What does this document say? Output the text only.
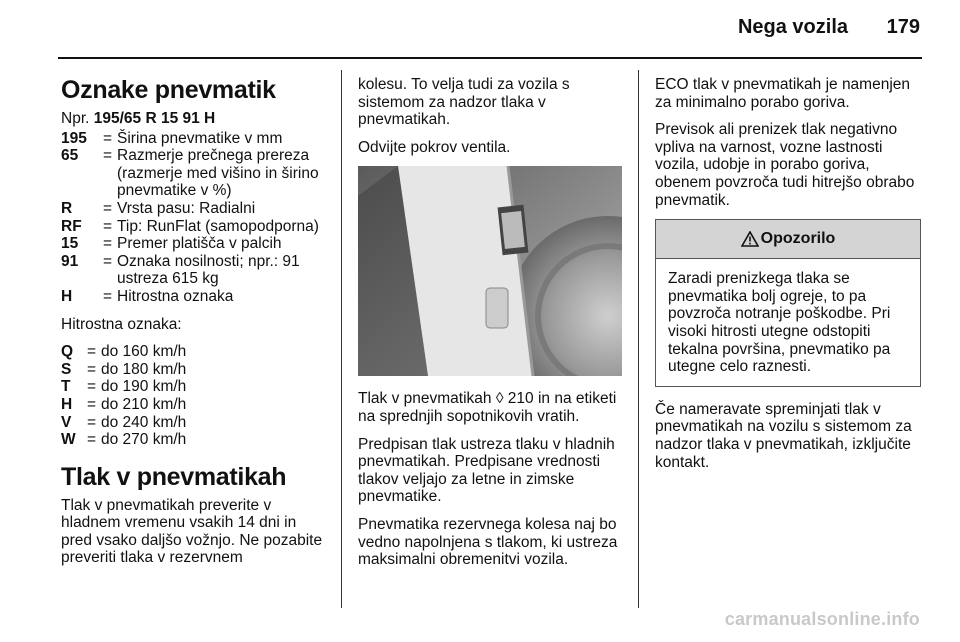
Nega vozila 179
Oznake pnevmatik
Npr. 195/65 R 15 91 H
195	= Širina pnevmatike v mm
65	= Razmerje prečnega prereza (razmerje med višino in širino pnevmatike v %)
R	= Vrsta pasu: Radialni
RF	= Tip: RunFlat (samopodporna)
15	= Premer platišča v palcih
91	= Oznaka nosilnosti; npr.: 91 ustreza 615 kg
H	= Hitrostna oznaka

Hitrostna oznaka:

Q = do 160 km/h
S	= do 180 km/h
T	= do 190 km/h
H = do 210 km/h
V	= do 240 km/h
W = do 270 km/h
Tlak v pnevmatikah

Tlak v pnevmatikah preverite v hladnem vremenu vsakih 14 dni in pred vsako daljšo vožnjo. Ne pozabite preveriti tlaka v rezervnem

kolesu. To velja tudi za vozila s sistemom za nadzor tlaka v pnevmatikah.

Odvijte pokrov ventila.

Tlak v pnevmatikah ◊ 210 in na etiketi na sprednjih sopotnikovih vratih.

Predpisan tlak ustreza tlaku v hladnih pnevmatikah. Predpisane vrednosti tlakov veljajo za letne in zimske pnevmatike.

Pnevmatika rezervnega kolesa naj bo vedno napolnjena s tlakom, ki ustreza maksimalni obremenitvi vozila.

ECO tlak v pnevmatikah je namenjen za minimalno porabo goriva.

Previsok ali prenizek tlak negativno vpliva na varnost, vozne lastnosti vozila, udobje in porabo goriva, obenem povzroča tudi hitrejšo obrabo pnevmatik.

Opozorilo
Zaradi prenizkega tlaka se pnevmatika bolj ogreje, to pa povzroča notranje poškodbe. Pri visoki hitrosti utegne odstopiti tekalna površina, pnevmatiko pa utegne celo raznesti.

Če nameravate spreminjati tlak v pnevmatikah na vozilu s sistemom za nadzor tlaka v pnevmatikah, izključite kontakt.

carmanualsonline.info
